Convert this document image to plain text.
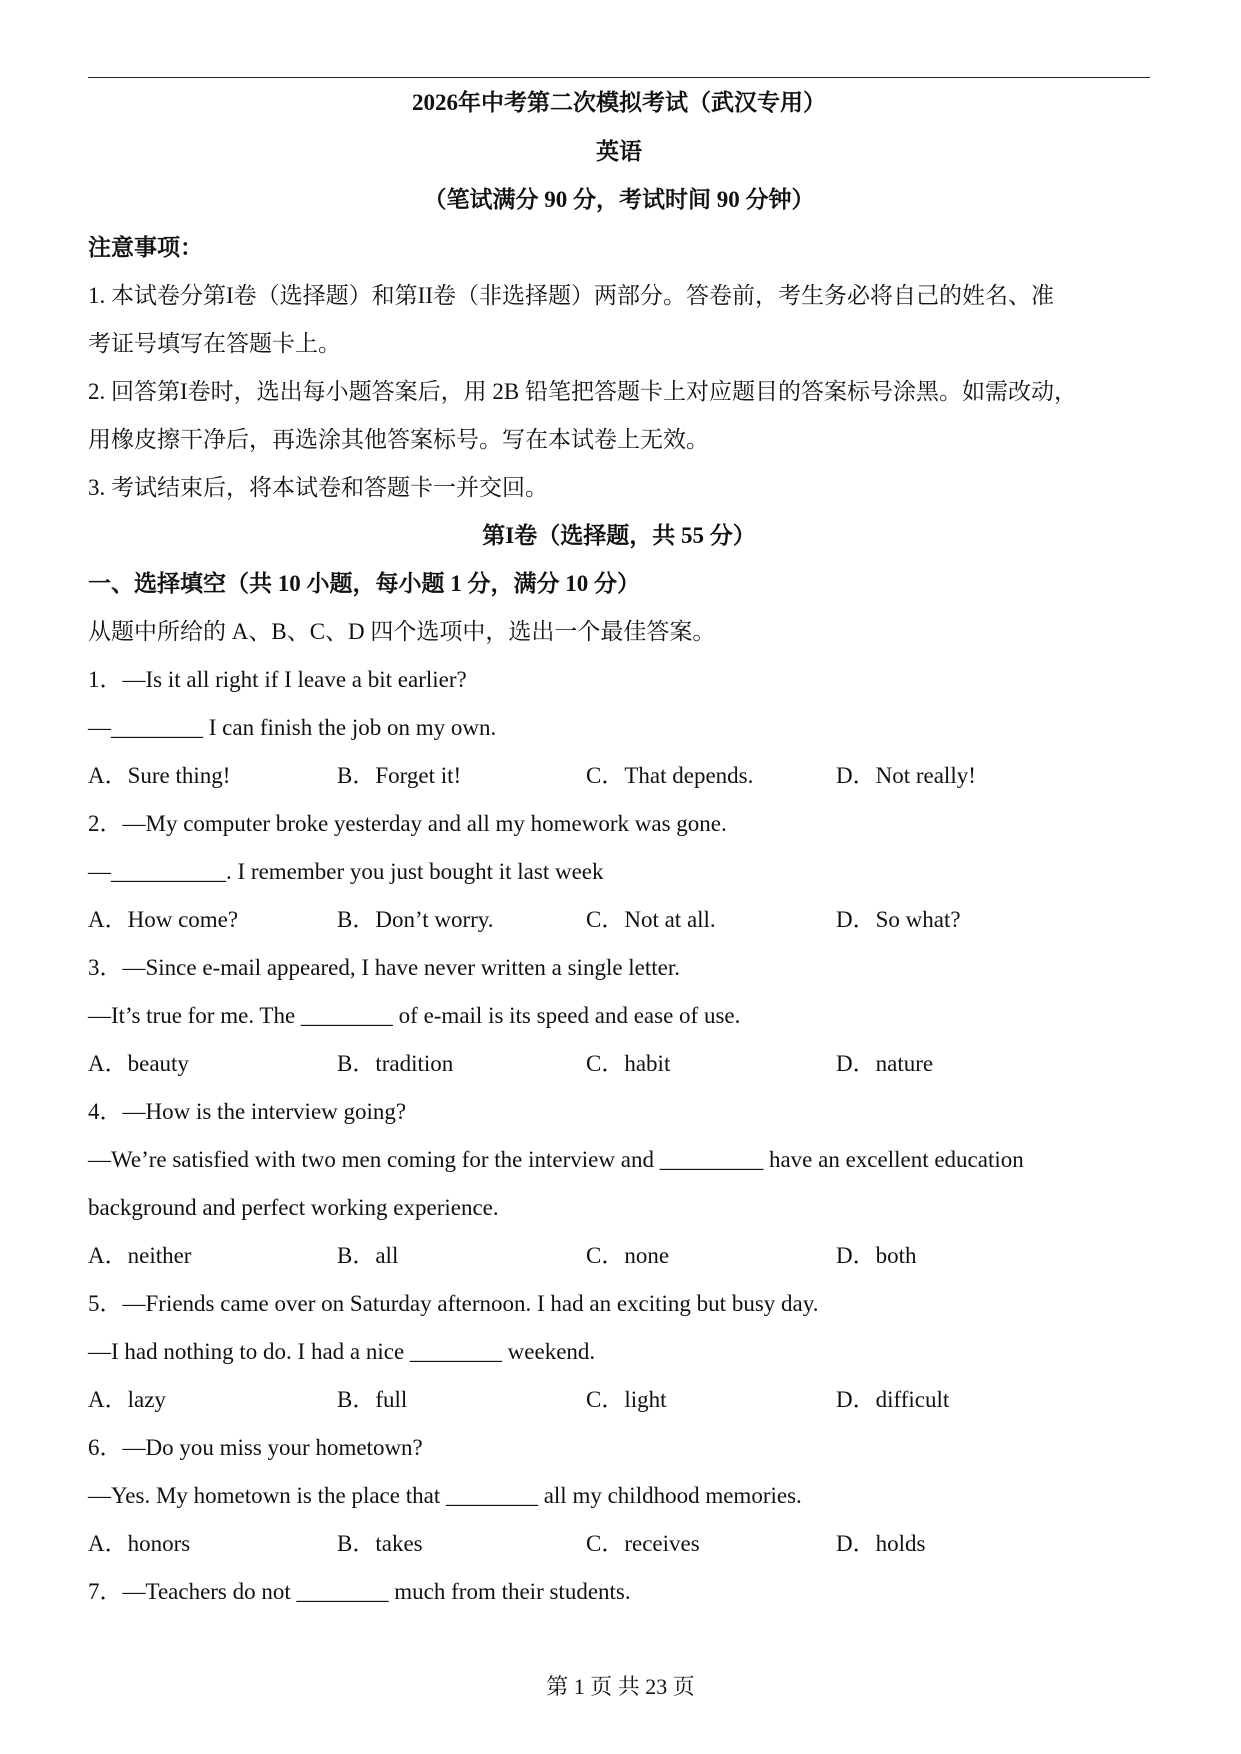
2026年中考第二次模拟考试（武汉专用）
英语
（笔试满分 90 分，考试时间 90 分钟）
注意事项：
1. 本试卷分第I卷（选择题）和第II卷（非选择题）两部分。答卷前，考生务必将自己的姓名、准
考证号填写在答题卡上。
2. 回答第I卷时，选出每小题答案后，用 2B 铅笔把答题卡上对应题目的答案标号涂黑。如需改动，
用橡皮擦干净后，再选涂其他答案标号。写在本试卷上无效。
3. 考试结束后，将本试卷和答题卡一并交回。
第I卷（选择题，共 55 分）
一、选择填空（共 10 小题，每小题 1 分，满分 10 分）
从题中所给的 A、B、C、D 四个选项中，选出一个最佳答案。
1．—Is it all right if I leave a bit earlier?
—________ I can finish the job on my own.
A．Sure thing!	B．Forget it!	C．That depends.	D．Not really!
2．—My computer broke yesterday and all my homework was gone.
—__________. I remember you just bought it last week
A．How come?	B．Don’t worry.	C．Not at all.	D．So what?
3．—Since e-mail appeared, I have never written a single letter.
—It’s true for me. The ________ of e-mail is its speed and ease of use.
A．beauty	B．tradition	C．habit	D．nature
4．—How is the interview going?
—We’re satisfied with two men coming for the interview and _________ have an excellent education
background and perfect working experience.
A．neither	B．all	C．none	D．both
5．—Friends came over on Saturday afternoon. I had an exciting but busy day.
—I had nothing to do. I had a nice ________ weekend.
A．lazy	B．full	C．light	D．difficult
6．—Do you miss your hometown?
—Yes. My hometown is the place that ________ all my childhood memories.
A．honors	B．takes	C．receives	D．holds
7．—Teachers do not ________ much from their students.
第 1 页 共 23 页
